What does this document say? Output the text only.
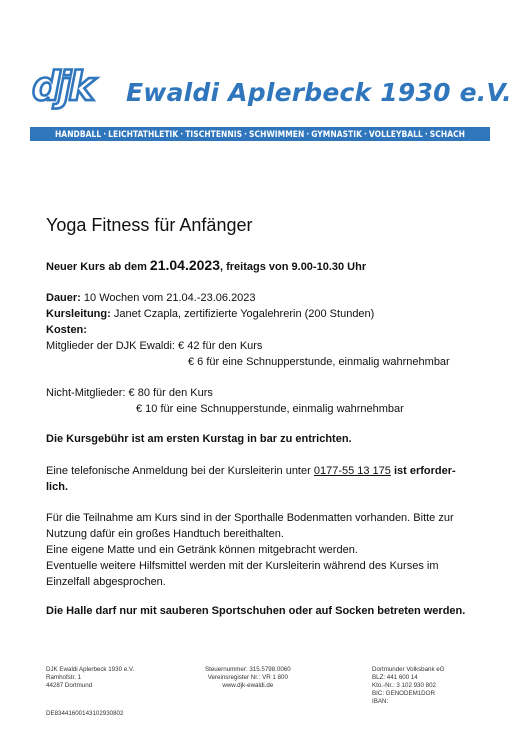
djk Ewaldi Aplerbeck 1930 e.V.
HANDBALL · LEICHTATHLETIK · TISCHTENNIS · SCHWIMMEN · GYMNASTIK · VOLLEYBALL · SCHACH
Yoga Fitness für Anfänger
Neuer Kurs ab dem 21.04.2023, freitags von 9.00-10.30 Uhr
Dauer: 10 Wochen vom 21.04.-23.06.2023
Kursleitung: Janet Czapla, zertifizierte Yogalehrerin (200 Stunden)
Kosten:
Mitglieder der DJK Ewaldi: € 42 für den Kurs
€ 6 für eine Schnupperstunde, einmalig wahrnehmbar
Nicht-Mitglieder: € 80 für den Kurs
€ 10 für eine Schnupperstunde, einmalig wahrnehmbar
Die Kursgebühr ist am ersten Kurstag in bar zu entrichten.
Eine telefonische Anmeldung bei der Kursleiterin unter 0177-55 13 175 ist erforder-
lich.
Für die Teilnahme am Kurs sind in der Sporthalle Bodenmatten vorhanden. Bitte zur
Nutzung dafür ein großes Handtuch bereithalten.
Eine eigene Matte und ein Getränk können mitgebracht werden.
Eventuelle weitere Hilfsmittel werden mit der Kursleiterin während des Kurses im
Einzelfall abgesprochen.
Die Halle darf nur mit sauberen Sportschuhen oder auf Socken betreten werden.
DJK Ewaldi Aplerbeck 1930 e.V.
Ramhofstr. 1
44287 Dortmund
Steuernummer: 315.5798.0060
Vereinsregister Nr.: VR 1 800
www.djk-ewaldi.de
Dortmunder Volksbank eG
BLZ: 441 600 14
Kto.-Nr.: 3 102 930 802
BIC: GENODEM1DOR
IBAN:
DE83441600143102930802
